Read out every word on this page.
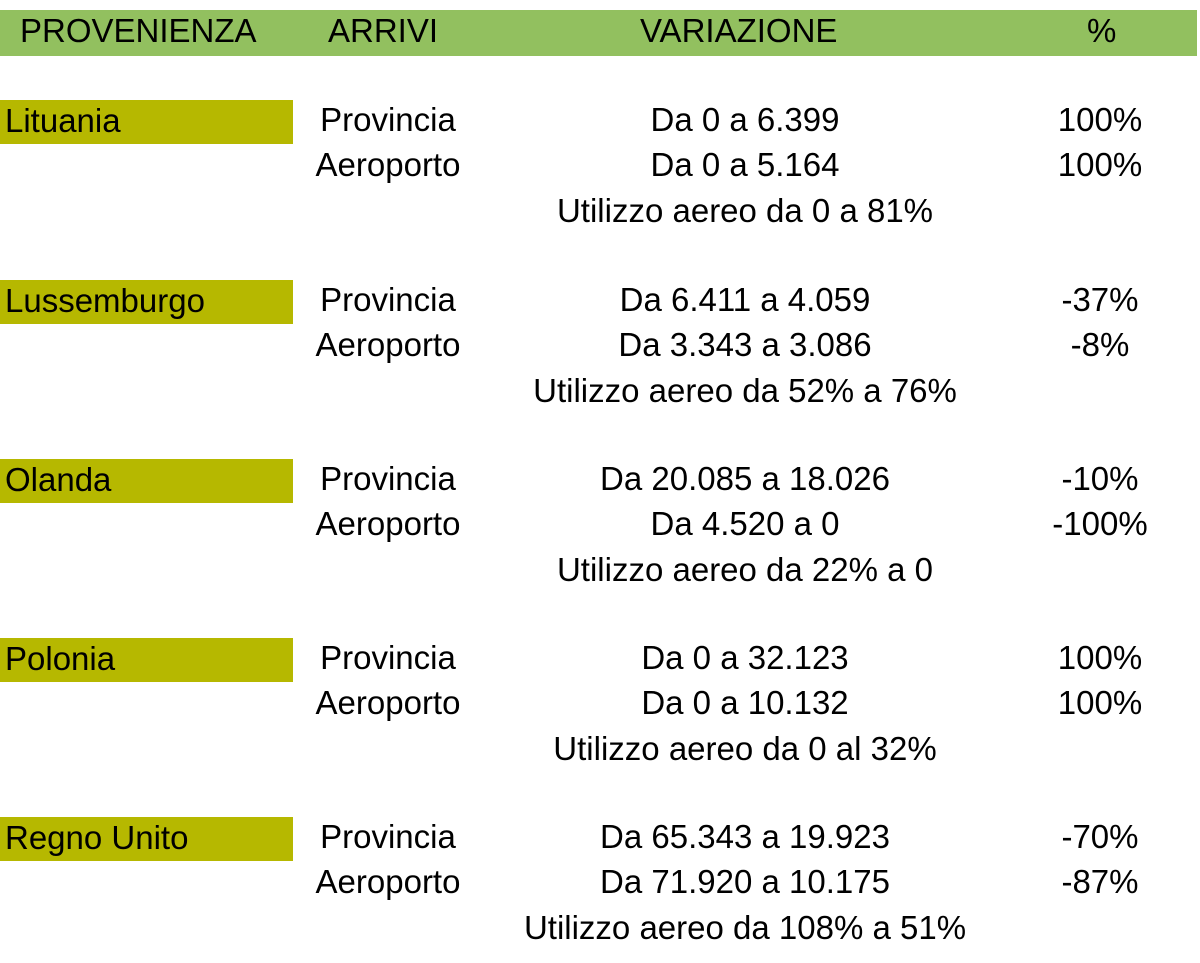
PROVENIENZA ARRIVI	VARIAZIONE	%
Lituania	Provincia	Da 0 a 6.399	100%
Aeroporto	Da 0 a 5.164	100%
Utilizzo aereo da 0 a 81%
Lussemburgo	Provincia	Da 6.411 a 4.059	-37%
Aeroporto	Da 3.343 a 3.086	-8%
Utilizzo aereo da 52% a 76%
Olanda	Provincia	Da 20.085 a 18.026	-10%
Aeroporto	Da 4.520 a 0	-100%
Utilizzo aereo da 22% a 0
Polonia	Provincia	Da 0 a 32.123	100%
Aeroporto	Da 0 a 10.132	100%
Utilizzo aereo da 0 al 32%
Regno Unito	Provincia	Da 65.343 a 19.923	-70%
Aeroporto	Da 71.920 a 10.175	-87%
Utilizzo aereo da 108% a 51%
